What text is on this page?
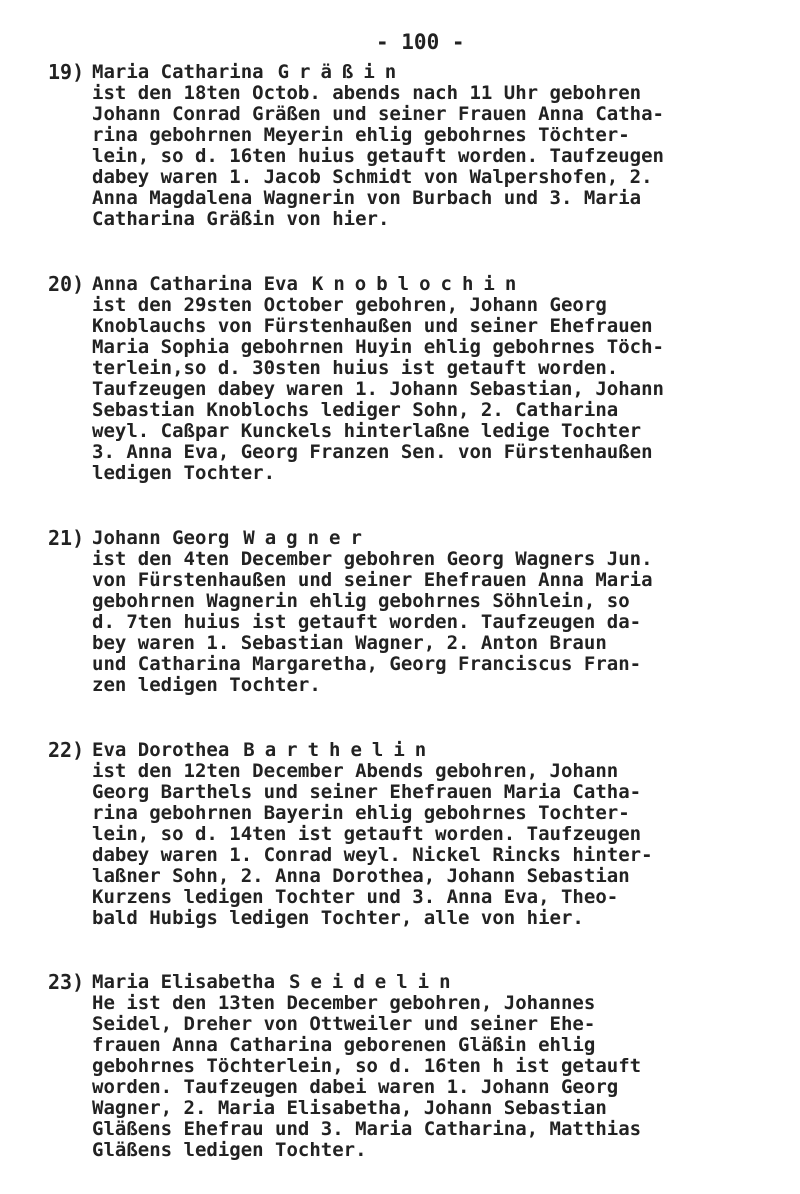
- 100 -
19) Maria Catharina Gräßin
ist den 18ten Octob. abends nach 11 Uhr gebohren
Johann Conrad Gräßen und seiner Frauen Anna Catha-
rina gebohrnen Meyerin ehlig gebohrnes Töchter-
lein, so d. 16ten huius getauft worden. Taufzeugen
dabey waren 1. Jacob Schmidt von Walpershofen, 2.
Anna Magdalena Wagnerin von Burbach und 3. Maria
Catharina Gräßin von hier.
20) Anna Catharina Eva Knoblochin
ist den 29sten October gebohren, Johann Georg
Knoblauchs von Fürstenhaußen und seiner Ehefrauen
Maria Sophia gebohrnen Huyin ehlig gebohrnes Töch-
terlein,so d. 30sten huius ist getauft worden.
Taufzeugen dabey waren 1. Johann Sebastian, Johann
Sebastian Knoblochs lediger Sohn, 2. Catharina
weyl. Caßpar Kunckels hinterlaßne ledige Tochter
3. Anna Eva, Georg Franzen Sen. von Fürstenhaußen
ledigen Tochter.
21) Johann Georg Wagner
ist den 4ten December gebohren Georg Wagners Jun.
von Fürstenhaußen und seiner Ehefrauen Anna Maria
gebohrnen Wagnerin ehlig gebohrnes Söhnlein, so
d. 7ten huius ist getauft worden. Taufzeugen da-
bey waren 1. Sebastian Wagner, 2. Anton Braun
und Catharina Margaretha, Georg Franciscus Fran-
zen ledigen Tochter.
22) Eva Dorothea Barthelin
ist den 12ten December Abends gebohren, Johann
Georg Barthels und seiner Ehefrauen Maria Catha-
rina gebohrnen Bayerin ehlig gebohrnes Tochter-
lein, so d. 14ten ist getauft worden. Taufzeugen
dabey waren 1. Conrad weyl. Nickel Rincks hinter-
laßner Sohn, 2. Anna Dorothea, Johann Sebastian
Kurzens ledigen Tochter und 3. Anna Eva, Theo-
bald Hubigs ledigen Tochter, alle von hier.
23) Maria Elisabetha Seidelin
He ist den 13ten December gebohren, Johannes
Seidel, Dreher von Ottweiler und seiner Ehe-
frauen Anna Catharina geborenen Gläßin ehlig
gebohrnes Töchterlein, so d. 16ten h ist getauft
worden. Taufzeugen dabei waren 1. Johann Georg
Wagner, 2. Maria Elisabetha, Johann Sebastian
Gläßens Ehefrau und 3. Maria Catharina, Matthias
Gläßens ledigen Tochter.
